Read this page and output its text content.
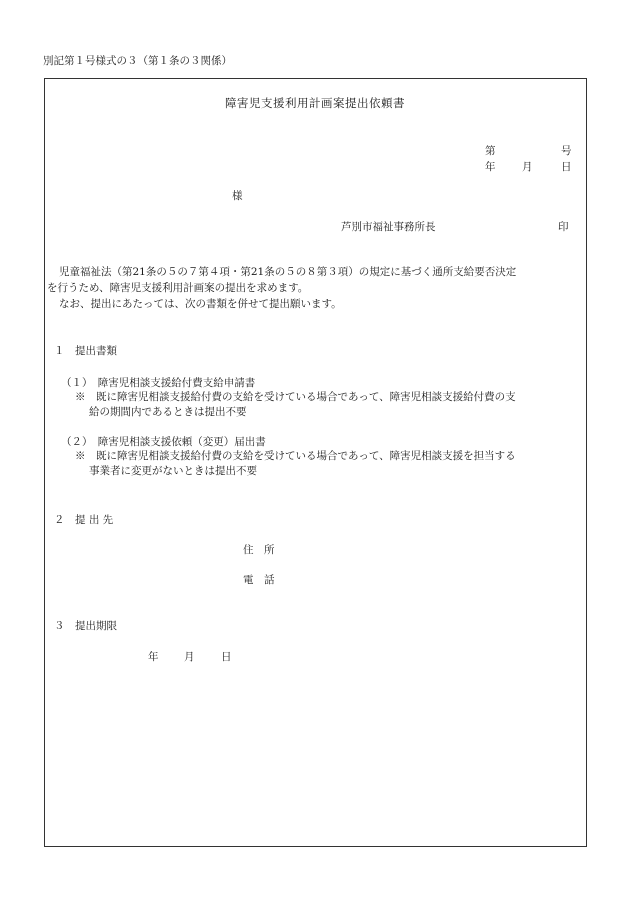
別記第１号様式の３（第１条の３関係）
障害児支援利用計画案提出依頼書
第	号
年	月	日
様
芦別市福祉事務所長	印
児童福祉法（第21条の５の７第４項・第21条の５の８第３項）の規定に基づく通所支給要否決定
を行うため、障害児支援利用計画案の提出を求めます。
なお、提出にあたっては、次の書類を併せて提出願います。
１　提出書類
（１）　障害児相談支援給付費支給申請書
※　既に障害児相談支援給付費の支給を受けている場合であって、障害児相談支援給付費の支
給の期間内であるときは提出不要
（２）　障害児相談支援依頼（変更）届出書
※　既に障害児相談支援給付費の支給を受けている場合であって、障害児相談支援を担当する
事業者に変更がないときは提出不要
２　提 出 先
住　所
電　話
３　提出期限
年 月	日
